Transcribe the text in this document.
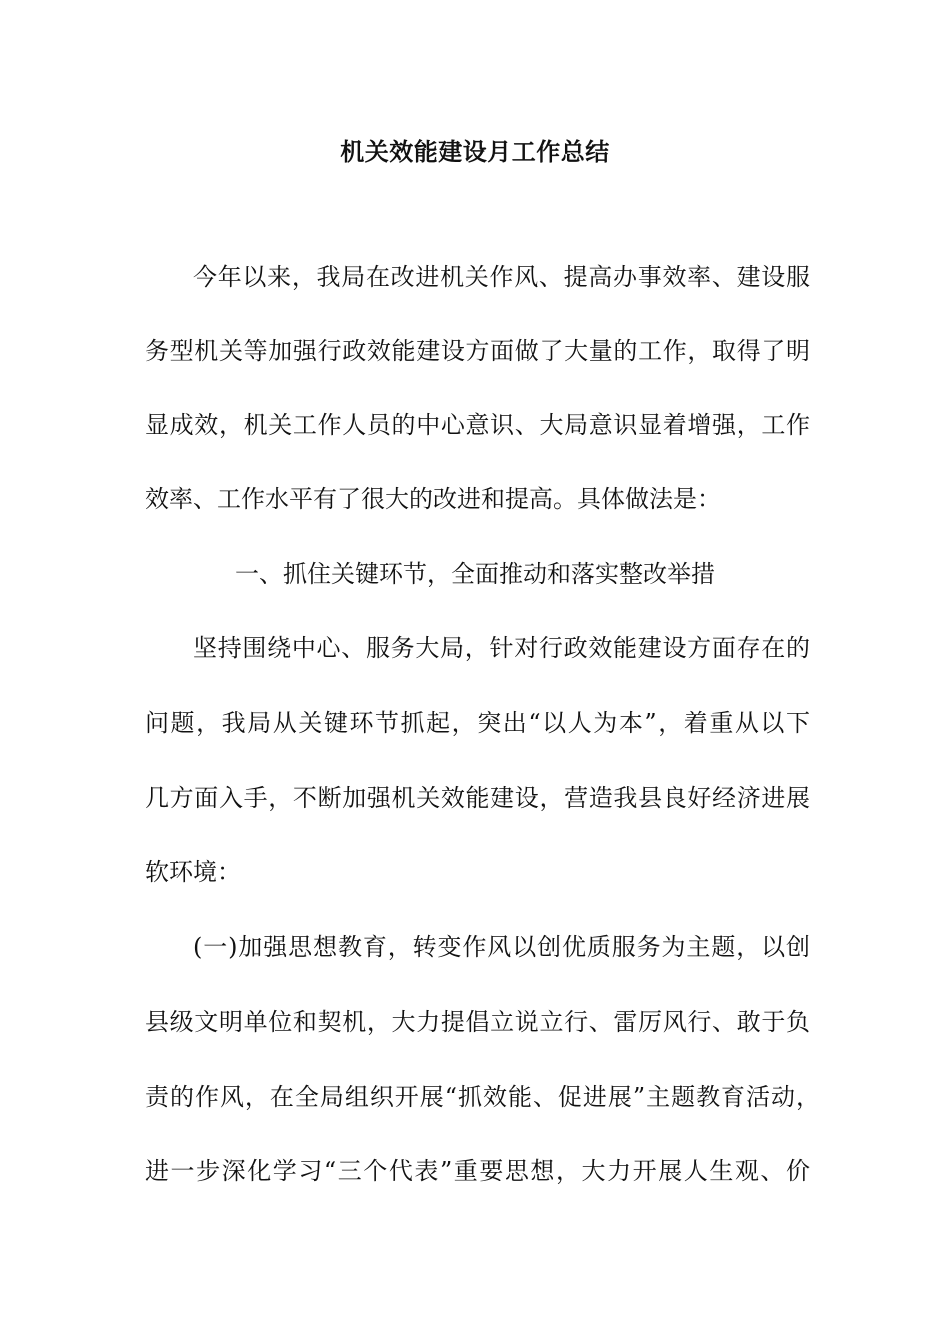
机关效能建设月工作总结
今年以来，我局在改进机关作风、提高办事效率、建设服
务型机关等加强行政效能建设方面做了大量的工作，取得了明
显成效，机关工作人员的中心意识、大局意识显着增强，工作
效率、工作水平有了很大的改进和提高。具体做法是：
一、抓住关键环节，全面推动和落实整改举措
坚持围绕中心、服务大局，针对行政效能建设方面存在的
问题，我局从关键环节抓起，突出“以人为本”，着重从以下
几方面入手，不断加强机关效能建设，营造我县良好经济进展
软环境：
(一)加强思想教育，转变作风以创优质服务为主题，以创
县级文明单位和契机，大力提倡立说立行、雷厉风行、敢于负
责的作风，在全局组织开展“抓效能、促进展”主题教育活动，
进一步深化学习“三个代表”重要思想，大力开展人生观、价
